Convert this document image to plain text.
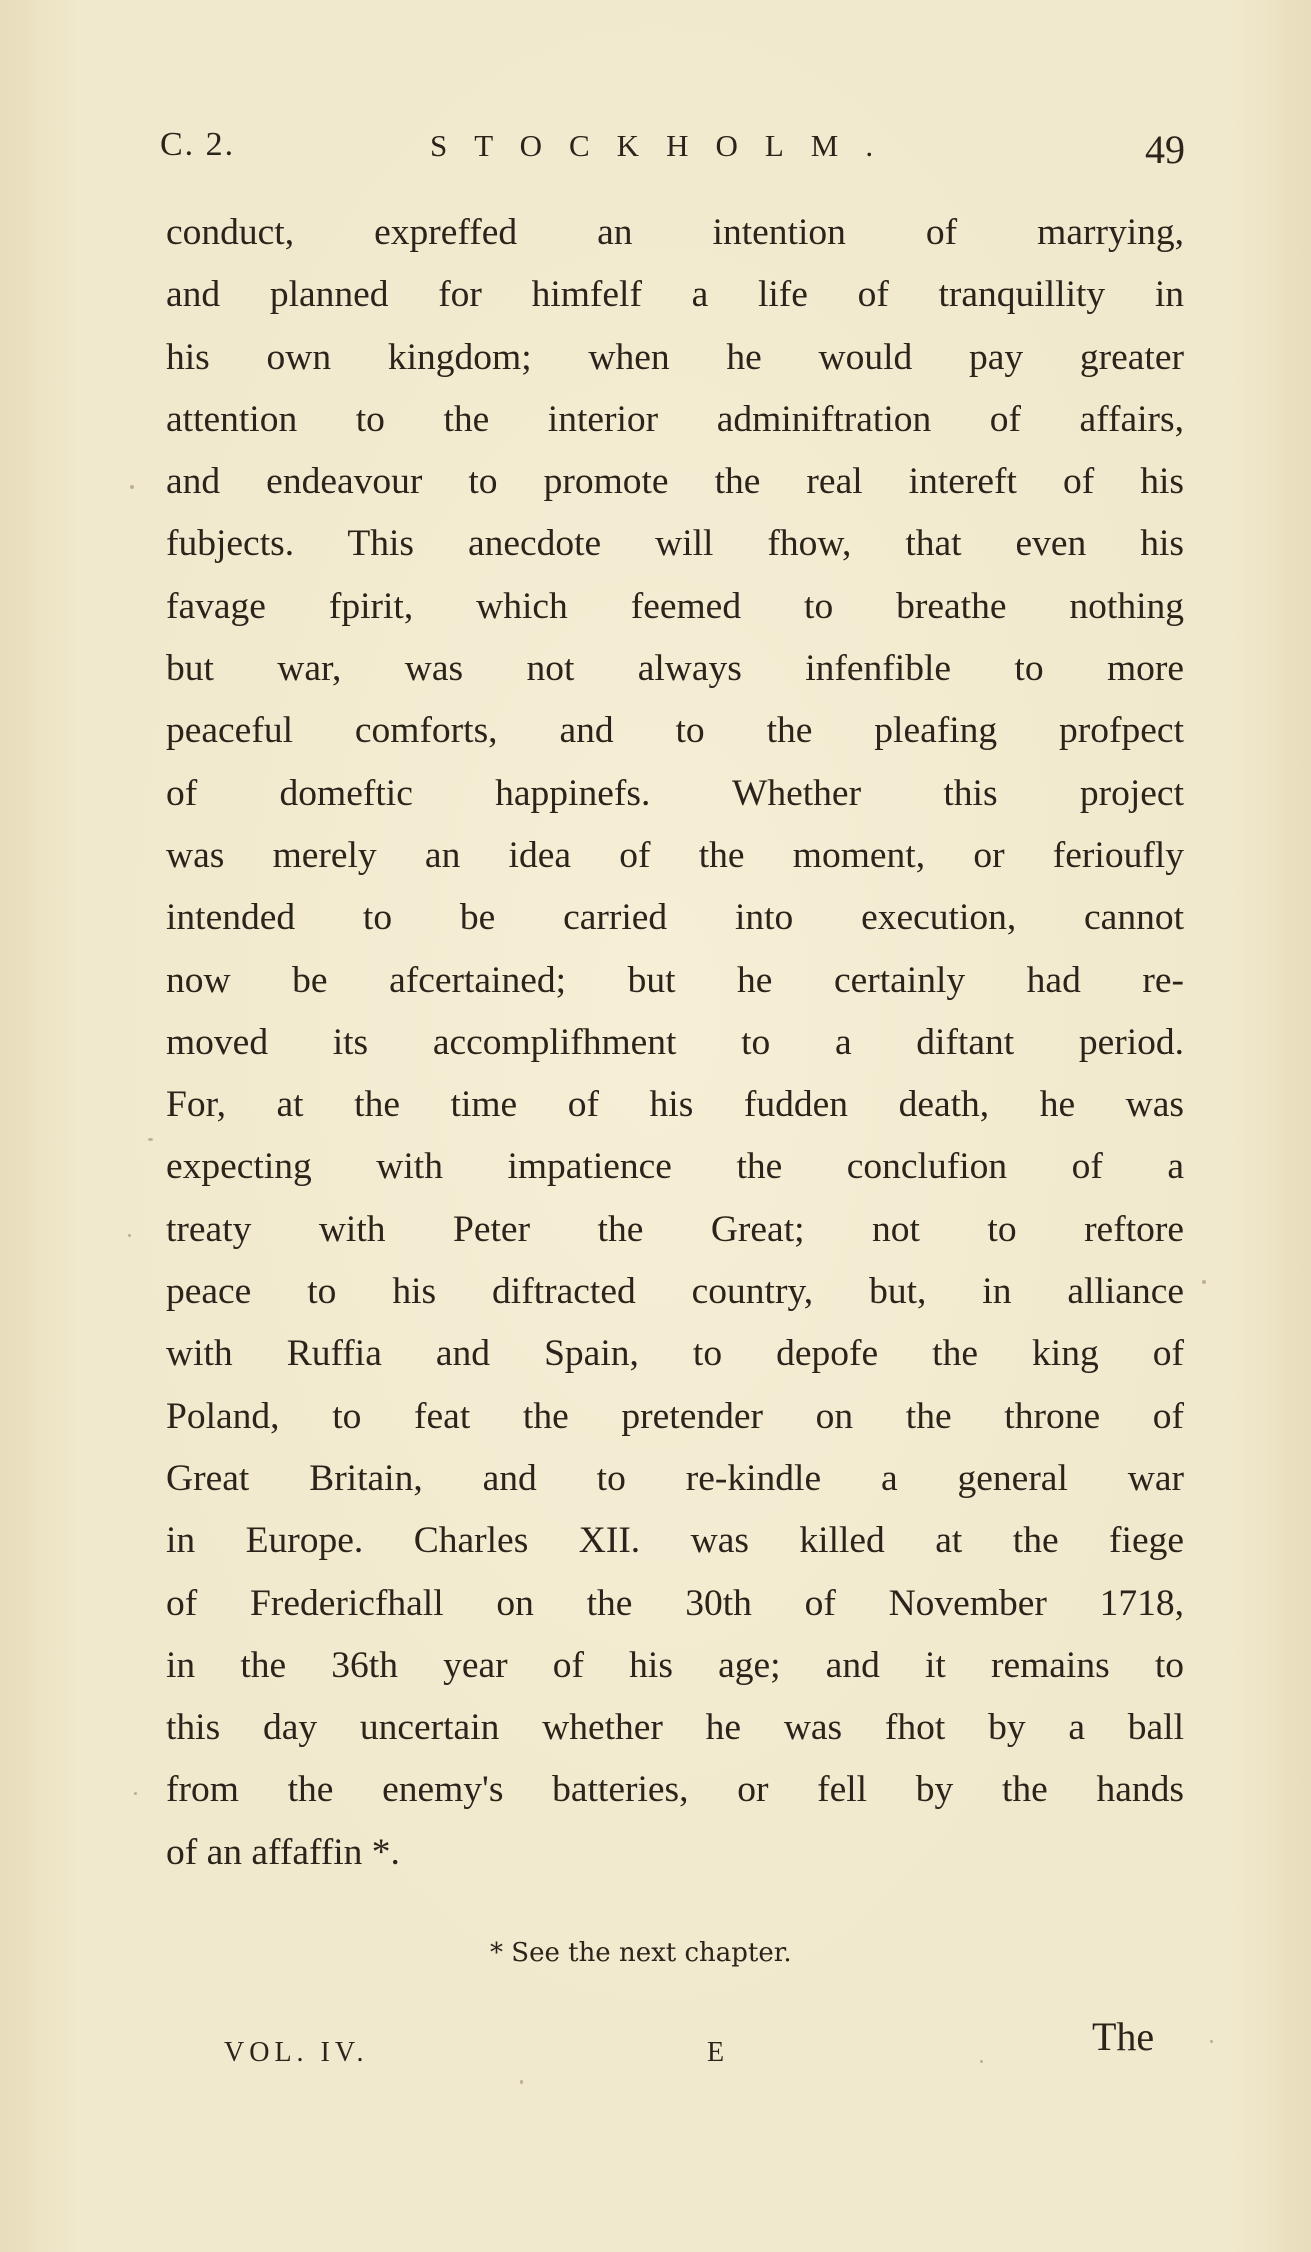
C. 2.	STOCKHOLM.	49
conduct, expreffed an intention of marrying,
and planned for himfelf a life of tranquillity in
his own kingdom; when he would pay greater
attention to the interior adminiftration of affairs,
and endeavour to promote the real intereft of his
fubjects. This anecdote will fhow, that even his
favage fpirit, which feemed to breathe nothing
but war, was not always infenfible to more
peaceful comforts, and to the pleafing profpect
of domeftic happinefs. Whether this project
was merely an idea of the moment, or ferioufly
intended to be carried into execution, cannot
now be afcertained; but he certainly had re-
moved its accomplifhment to a diftant period.
For, at the time of his fudden death, he was
expecting with impatience the conclufion of a
treaty with Peter the Great; not to reftore
peace to his diftracted country, but, in alliance
with Ruffia and Spain, to depofe the king of
Poland, to feat the pretender on the throne of
Great Britain, and to re-kindle a general war
in Europe. Charles XII. was killed at the fiege
of Fredericfhall on the 30th of November 1718,
in the 36th year of his age; and it remains to
this day uncertain whether he was fhot by a ball
from the enemy's batteries, or fell by the hands
of an affaffin *.
* See the next chapter.
VOL. IV.	E	The
